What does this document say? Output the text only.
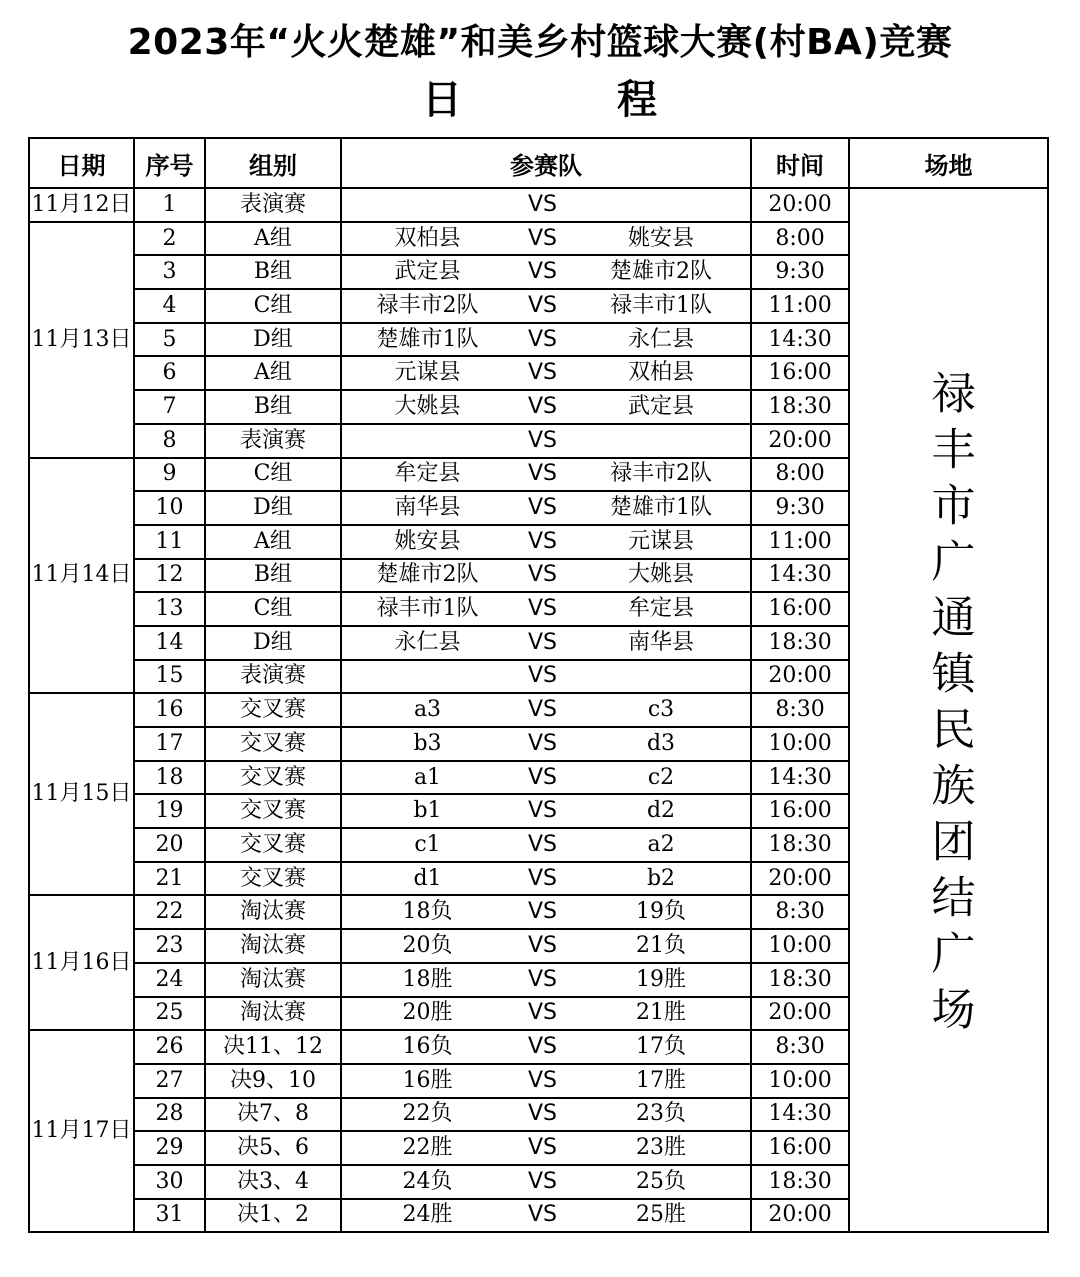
2023年“火火楚雄”和美乡村篮球大赛(村BA)竞赛
日	程
日期	序号	组别	参赛队			时间	场地
11月12日	1	表演赛		VS		20:00	禄丰市广通镇民族团结广场
11月13日	2	A组	双柏县	VS	姚安县	8:00	
	3	B组	武定县	VS	楚雄市2队	9:30	
	4	C组	禄丰市2队	VS	禄丰市1队	11:00	
	5	D组	楚雄市1队	VS	永仁县	14:30	
	6	A组	元谋县	VS	双柏县	16:00	
	7	B组	大姚县	VS	武定县	18:30	
	8	表演赛		VS		20:00	
11月14日	9	C组	牟定县	VS	禄丰市2队	8:00	
	10	D组	南华县	VS	楚雄市1队	9:30	
	11	A组	姚安县	VS	元谋县	11:00	
	12	B组	楚雄市2队	VS	大姚县	14:30	
	13	C组	禄丰市1队	VS	牟定县	16:00	
	14	D组	永仁县	VS	南华县	18:30	
	15	表演赛		VS		20:00	
11月15日	16	交叉赛	a3	VS	c3	8:30	
	17	交叉赛	b3	VS	d3	10:00	
	18	交叉赛	a1	VS	c2	14:30	
	19	交叉赛	b1	VS	d2	16:00	
	20	交叉赛	c1	VS	a2	18:30	
	21	交叉赛	d1	VS	b2	20:00	
11月16日	22	淘汰赛	18负	VS	19负	8:30	
	23	淘汰赛	20负	VS	21负	10:00	
	24	淘汰赛	18胜	VS	19胜	18:30	
	25	淘汰赛	20胜	VS	21胜	20:00	
11月17日	26	决11、12	16负	VS	17负	8:30	
	27	决9、10	16胜	VS	17胜	10:00	
	28	决7、8	22负	VS	23负	14:30	
	29	决5、6	22胜	VS	23胜	16:00	
	30	决3、4	24负	VS	25负	18:30	
	31	决1、2	24胜	VS	25胜	20:00	
